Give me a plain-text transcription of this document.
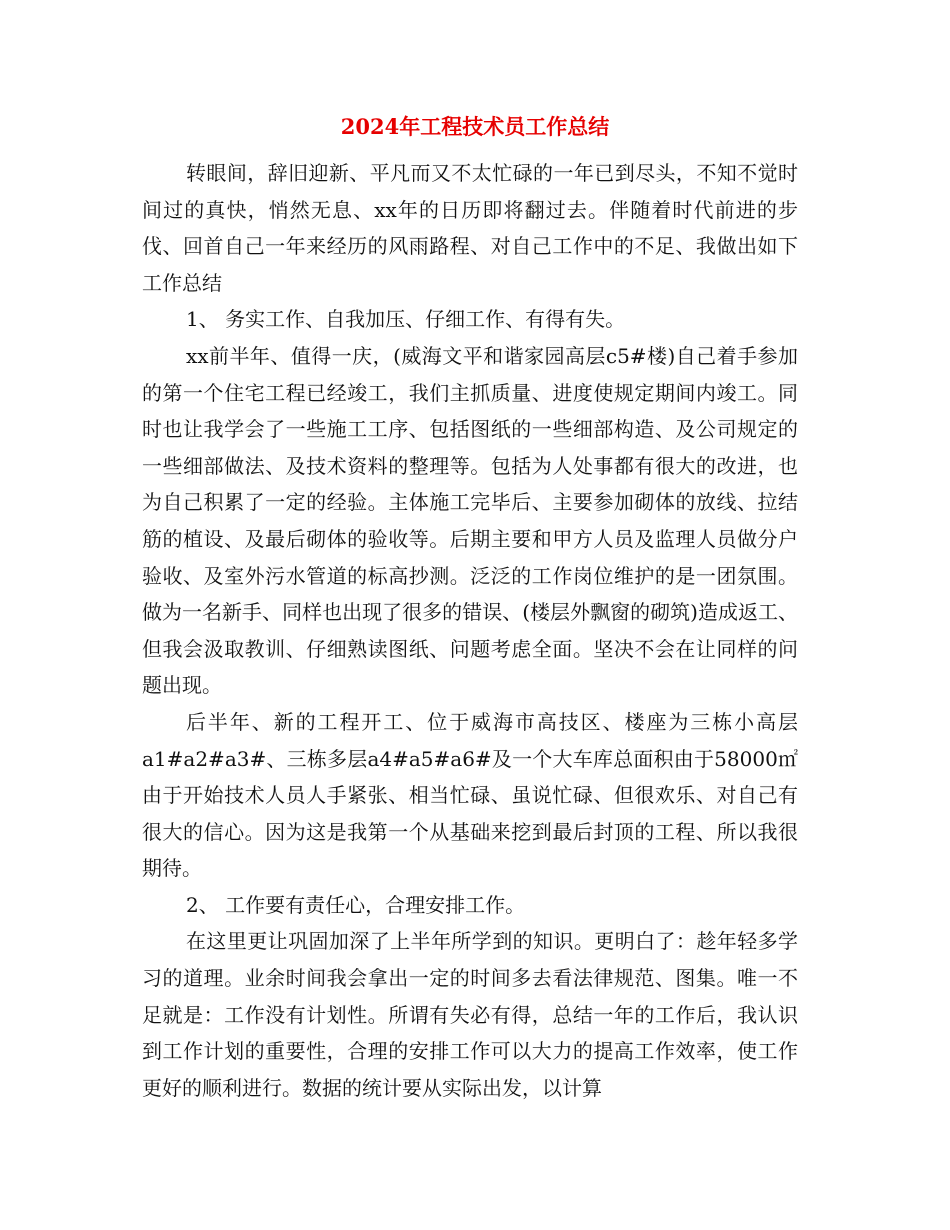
2024年工程技术员工作总结

转眼间，辞旧迎新、平凡而又不太忙碌的一年已到尽头，不知不觉时间过的真快，悄然无息、xx年的日历即将翻过去。伴随着时代前进的步伐、回首自己一年来经历的风雨路程、对自己工作中的不足、我做出如下工作总结

1、 务实工作、自我加压、仔细工作、有得有失。

xx前半年、值得一庆，(威海文平和谐家园高层c5#楼)自己着手参加的第一个住宅工程已经竣工，我们主抓质量、进度使规定期间内竣工。同时也让我学会了一些施工工序、包括图纸的一些细部构造、及公司规定的一些细部做法、及技术资料的整理等。包括为人处事都有很大的改进，也为自己积累了一定的经验。主体施工完毕后、主要参加砌体的放线、拉结筋的植设、及最后砌体的验收等。后期主要和甲方人员及监理人员做分户验收、及室外污水管道的标高抄测。泛泛的工作岗位维护的是一团氛围。做为一名新手、同样也出现了很多的错误、(楼层外飘窗的砌筑)造成返工、但我会汲取教训、仔细熟读图纸、问题考虑全面。坚决不会在让同样的问题出现。

后半年、新的工程开工、位于威海市高技区、楼座为三栋小高层a1#a2#a3#、三栋多层a4#a5#a6#及一个大车库总面积由于58000㎡由于开始技术人员人手紧张、相当忙碌、虽说忙碌、但很欢乐、对自己有很大的信心。因为这是我第一个从基础来挖到最后封顶的工程、所以我很期待。

2、 工作要有责任心，合理安排工作。

在这里更让巩固加深了上半年所学到的知识。更明白了：趁年轻多学习的道理。业余时间我会拿出一定的时间多去看法律规范、图集。唯一不足就是：工作没有计划性。所谓有失必有得，总结一年的工作后，我认识到工作计划的重要性，合理的安排工作可以大力的提高工作效率，使工作更好的顺利进行。数据的统计要从实际出发，以计算
